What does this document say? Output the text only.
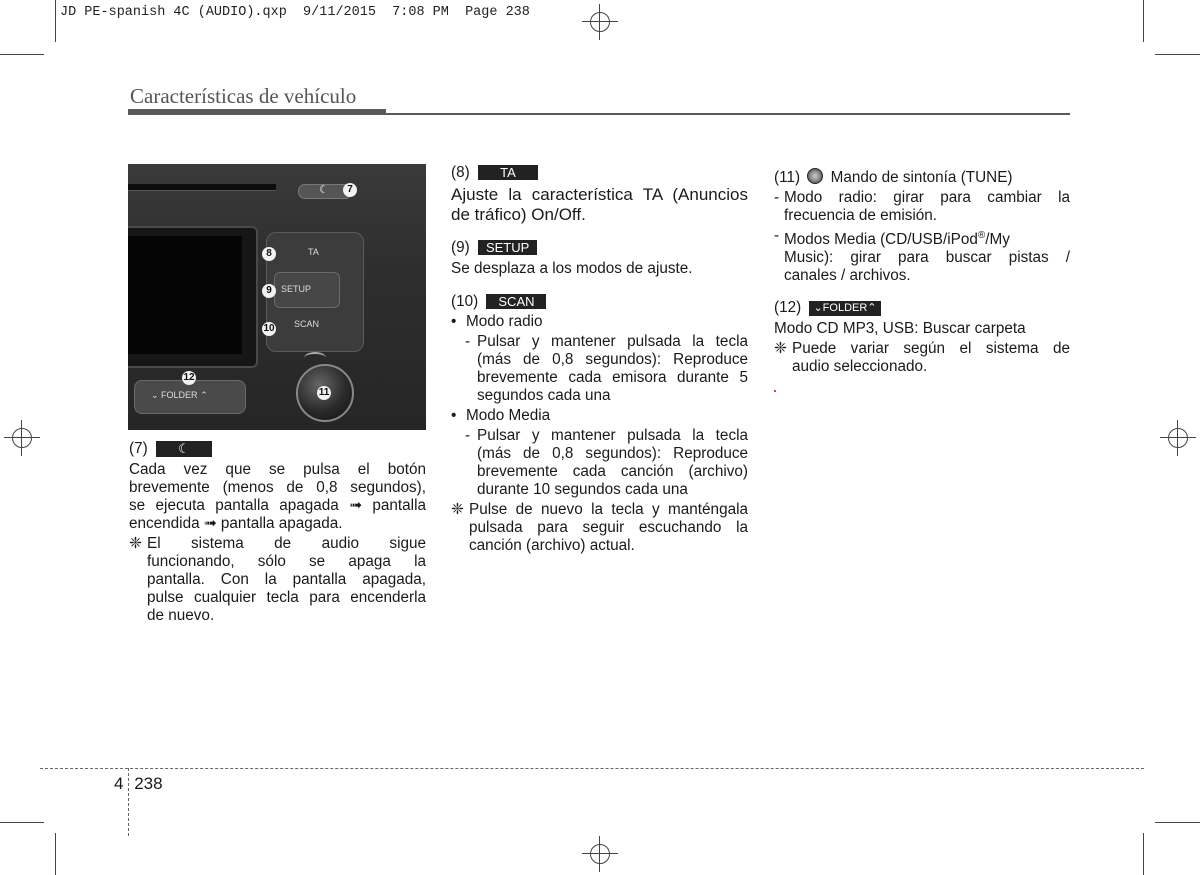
JD PE-spanish 4C (AUDIO).qxp  9/11/2015  7:08 PM  Page 238
Características de vehículo
☾	7
TA
SETUP
SCAN
8
9
10
⌄ FOLDER ⌃
12
11
(7) ☾
Cada vez que se pulsa el botón
brevemente (menos de 0,8 segundos),
se ejecuta pantalla apagada ➟ pantalla
encendida ➟ pantalla apagada.
❈ El sistema de audio sigue
funcionando, sólo se apaga la
pantalla. Con la pantalla apagada,
pulse cualquier tecla para encenderla
de nuevo.
(8) TA
Ajuste la característica TA (Anuncios
de tráfico) On/Off.
(9) SETUP
Se desplaza a los modos de ajuste.
(10) SCAN
• Modo radio
- Pulsar y mantener pulsada la tecla
(más de 0,8 segundos): Reproduce
brevemente cada emisora durante 5
segundos cada una
• Modo Media
- Pulsar y mantener pulsada la tecla
(más de 0,8 segundos): Reproduce
brevemente cada canción (archivo)
durante 10 segundos cada una
❈ Pulse de nuevo la tecla y manténgala
pulsada para seguir escuchando la
canción (archivo) actual.
(11) Mando de sintonía (TUNE)
- Modo radio: girar para cambiar la
frecuencia de emisión.
- Modos Media (CD/USB/iPod®/My
Music): girar para buscar pistas /
canales / archivos.
(12) ⌄FOLDER⌃
Modo CD MP3, USB: Buscar carpeta
❈ Puede variar según el sistema de
audio seleccionado.
4 238
